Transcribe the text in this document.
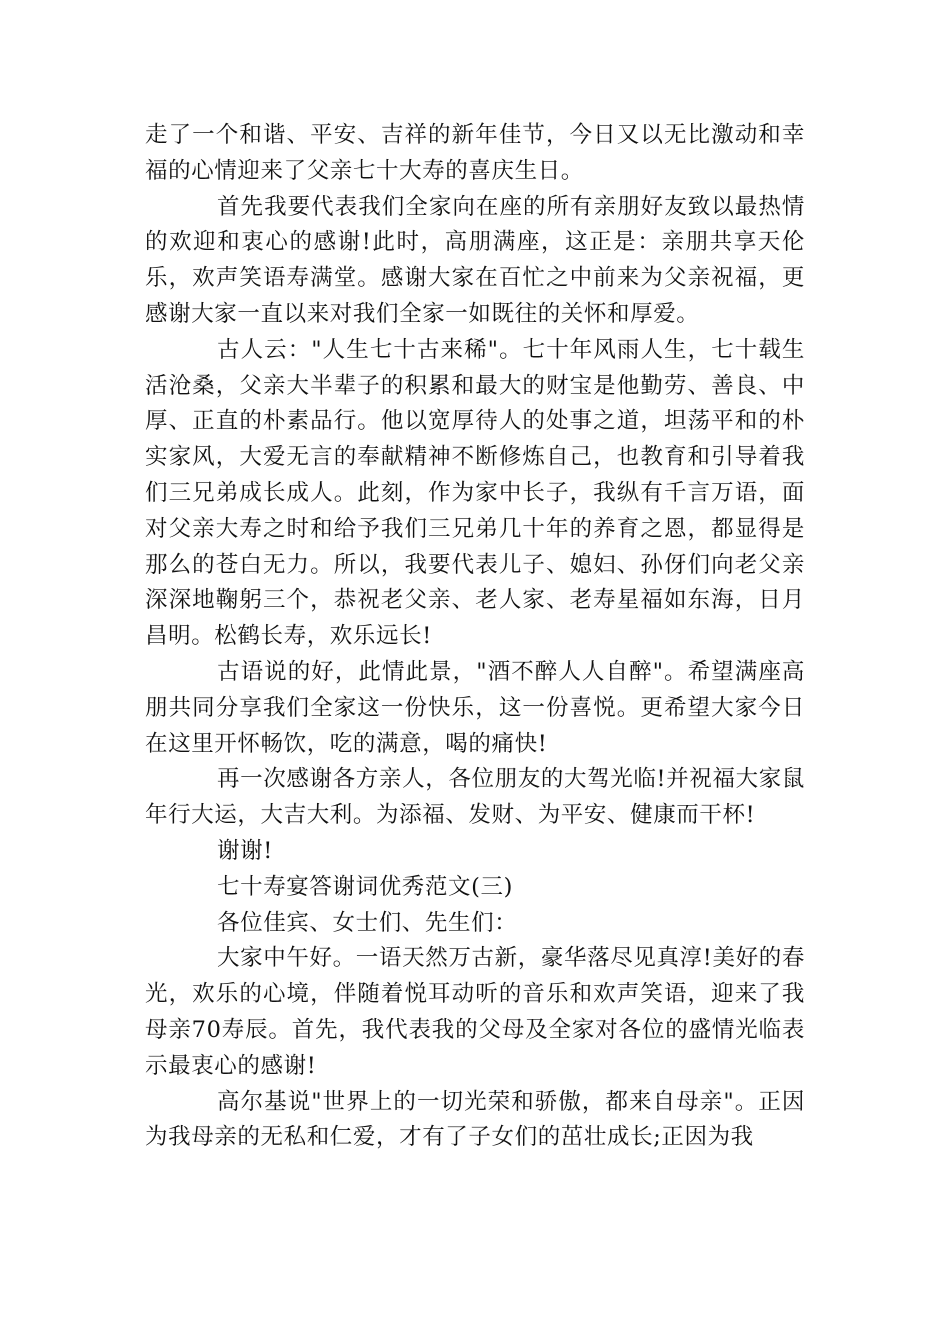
走了一个和谐、平安、吉祥的新年佳节，今日又以无比激动和幸福的心情迎来了父亲七十大寿的喜庆生日。

首先我要代表我们全家向在座的所有亲朋好友致以最热情的欢迎和衷心的感谢!此时，高朋满座，这正是：亲朋共享天伦乐，欢声笑语寿满堂。感谢大家在百忙之中前来为父亲祝福，更感谢大家一直以来对我们全家一如既往的关怀和厚爱。

古人云："人生七十古来稀"。七十年风雨人生，七十载生活沧桑，父亲大半辈子的积累和最大的财宝是他勤劳、善良、中厚、正直的朴素品行。他以宽厚待人的处事之道，坦荡平和的朴实家风，大爱无言的奉献精神不断修炼自己，也教育和引导着我们三兄弟成长成人。此刻，作为家中长子，我纵有千言万语，面对父亲大寿之时和给予我们三兄弟几十年的养育之恩，都显得是那么的苍白无力。所以，我要代表儿子、媳妇、孙伢们向老父亲深深地鞠躬三个，恭祝老父亲、老人家、老寿星福如东海，日月昌明。松鹤长寿，欢乐远长!

古语说的好，此情此景，"酒不醉人人自醉"。希望满座高朋共同分享我们全家这一份快乐，这一份喜悦。更希望大家今日在这里开怀畅饮，吃的满意，喝的痛快!

再一次感谢各方亲人，各位朋友的大驾光临!并祝福大家鼠年行大运，大吉大利。为添福、发财、为平安、健康而干杯!

谢谢!

七十寿宴答谢词优秀范文(三)

各位佳宾、女士们、先生们：

大家中午好。一语天然万古新，豪华落尽见真淳!美好的春光，欢乐的心境，伴随着悦耳动听的音乐和欢声笑语，迎来了我母亲70寿辰。首先，我代表我的父母及全家对各位的盛情光临表示最衷心的感谢!

高尔基说"世界上的一切光荣和骄傲，都来自母亲"。正因为我母亲的无私和仁爱，才有了子女们的茁壮成长;正因为我
